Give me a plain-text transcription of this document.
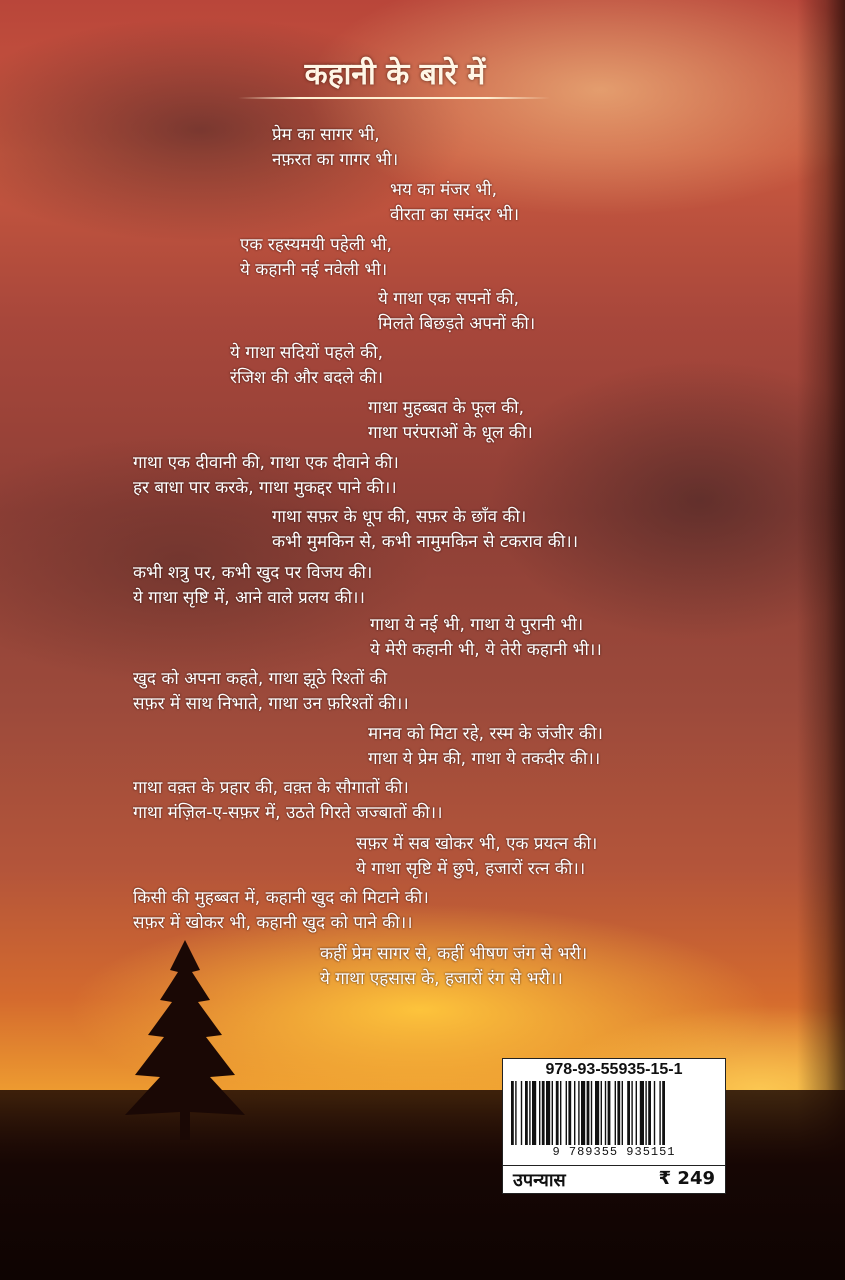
कहानी के बारे में
प्रेम का सागर भी,
नफ़रत का गागर भी।
भय का मंजर भी,
वीरता का समंदर भी।
एक रहस्यमयी पहेली भी,
ये कहानी नई नवेली भी।
ये गाथा एक सपनों की,
मिलते बिछड़ते अपनों की।
ये गाथा सदियों पहले की,
रंजिश की और बदले की।
गाथा मुहब्बत के फूल की,
गाथा परंपराओं के धूल की।
गाथा एक दीवानी की, गाथा एक दीवाने की।
हर बाधा पार करके, गाथा मुकद्दर पाने की।।
गाथा सफ़र के धूप की, सफ़र के छाँव की।
कभी मुमकिन से, कभी नामुमकिन से टकराव की।।
कभी शत्रु पर, कभी खुद पर विजय की।
ये गाथा सृष्टि में, आने वाले प्रलय की।।
गाथा ये नई भी, गाथा ये पुरानी भी।
ये मेरी कहानी भी, ये तेरी कहानी भी।।
खुद को अपना कहते, गाथा झूठे रिश्तों की
सफ़र में साथ निभाते, गाथा उन फ़रिश्तों की।।
मानव को मिटा रहे, रस्म के जंजीर की।
गाथा ये प्रेम की, गाथा ये तकदीर की।।
गाथा वक़्त के प्रहार की, वक़्त के सौगातों की।
गाथा मंज़िल-ए-सफ़र में, उठते गिरते जज्बातों की।।
सफ़र में सब खोकर भी, एक प्रयत्न की।
ये गाथा सृष्टि में छुपे, हजारों रत्न की।।
किसी की मुहब्बत में, कहानी खुद को मिटाने की।
सफ़र में खोकर भी, कहानी खुद को पाने की।।
कहीं प्रेम सागर से, कहीं भीषण जंग से भरी।
ये गाथा एहसास के, हजारों रंग से भरी।।
978-93-55935-15-1
9 789355 935151
उपन्यास	₹ 249
